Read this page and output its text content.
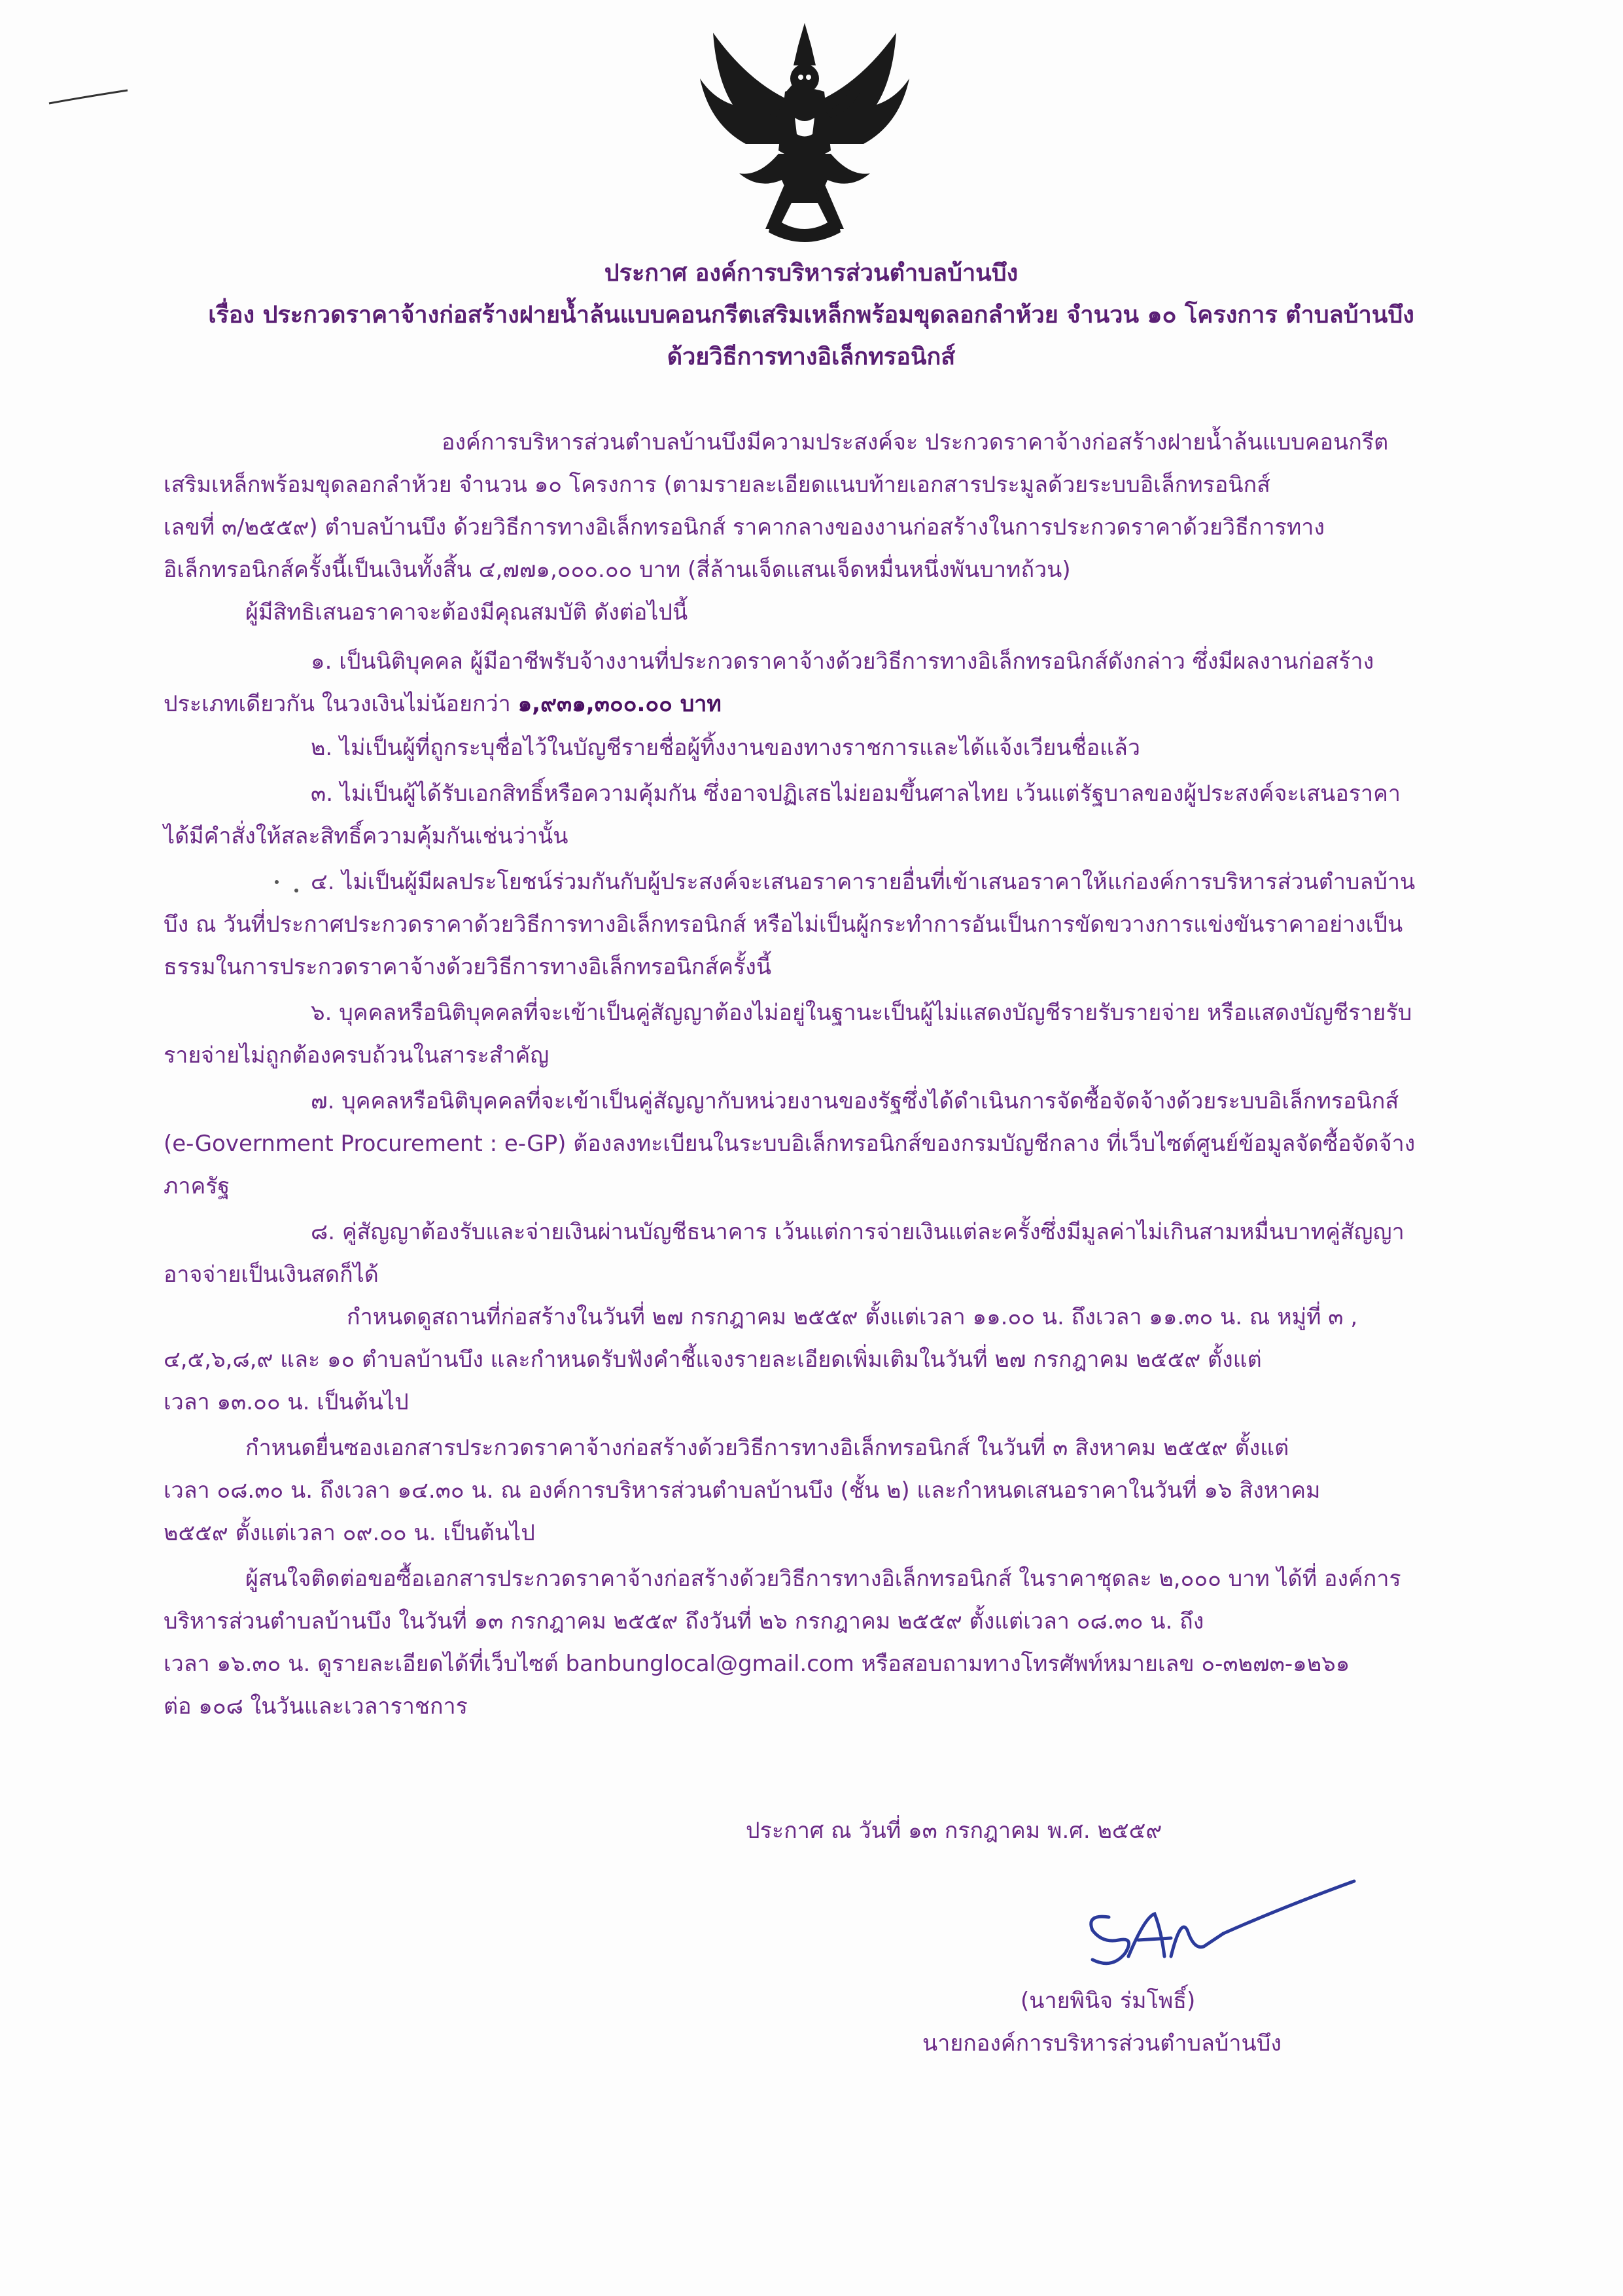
ประกาศ องค์การบริหารส่วนตำบลบ้านบึง
เรื่อง ประกวดราคาจ้างก่อสร้างฝายน้ำล้นแบบคอนกรีตเสริมเหล็กพร้อมขุดลอกลำห้วย จำนวน ๑๐ โครงการ ตำบลบ้านบึง
ด้วยวิธีการทางอิเล็กทรอนิกส์
องค์การบริหารส่วนตำบลบ้านบึงมีความประสงค์จะ ประกวดราคาจ้างก่อสร้างฝายน้ำล้นแบบคอนกรีต
เสริมเหล็กพร้อมขุดลอกลำห้วย จำนวน ๑๐ โครงการ (ตามรายละเอียดแนบท้ายเอกสารประมูลด้วยระบบอิเล็กทรอนิกส์
เลขที่ ๓/๒๕๕๙) ตำบลบ้านบึง ด้วยวิธีการทางอิเล็กทรอนิกส์ ราคากลางของงานก่อสร้างในการประกวดราคาด้วยวิธีการทาง
อิเล็กทรอนิกส์ครั้งนี้เป็นเงินทั้งสิ้น ๔,๗๗๑,๐๐๐.๐๐ บาท (สี่ล้านเจ็ดแสนเจ็ดหมื่นหนึ่งพันบาทถ้วน)
ผู้มีสิทธิเสนอราคาจะต้องมีคุณสมบัติ ดังต่อไปนี้
๑. เป็นนิติบุคคล ผู้มีอาชีพรับจ้างงานที่ประกวดราคาจ้างด้วยวิธีการทางอิเล็กทรอนิกส์ดังกล่าว ซึ่งมีผลงานก่อสร้าง
ประเภทเดียวกัน ในวงเงินไม่น้อยกว่า ๑,๙๓๑,๓๐๐.๐๐ บาท
๒. ไม่เป็นผู้ที่ถูกระบุชื่อไว้ในบัญชีรายชื่อผู้ทิ้งงานของทางราชการและได้แจ้งเวียนชื่อแล้ว
๓. ไม่เป็นผู้ได้รับเอกสิทธิ์หรือความคุ้มกัน ซึ่งอาจปฏิเสธไม่ยอมขึ้นศาลไทย เว้นแต่รัฐบาลของผู้ประสงค์จะเสนอราคา
ได้มีคำสั่งให้สละสิทธิ์ความคุ้มกันเช่นว่านั้น
๔. ไม่เป็นผู้มีผลประโยชน์ร่วมกันกับผู้ประสงค์จะเสนอราคารายอื่นที่เข้าเสนอราคาให้แก่องค์การบริหารส่วนตำบลบ้าน
บึง ณ วันที่ประกาศประกวดราคาด้วยวิธีการทางอิเล็กทรอนิกส์ หรือไม่เป็นผู้กระทำการอันเป็นการขัดขวางการแข่งขันราคาอย่างเป็น
ธรรมในการประกวดราคาจ้างด้วยวิธีการทางอิเล็กทรอนิกส์ครั้งนี้
๖. บุคคลหรือนิติบุคคลที่จะเข้าเป็นคู่สัญญาต้องไม่อยู่ในฐานะเป็นผู้ไม่แสดงบัญชีรายรับรายจ่าย หรือแสดงบัญชีรายรับ
รายจ่ายไม่ถูกต้องครบถ้วนในสาระสำคัญ
๗. บุคคลหรือนิติบุคคลที่จะเข้าเป็นคู่สัญญากับหน่วยงานของรัฐซึ่งได้ดำเนินการจัดซื้อจัดจ้างด้วยระบบอิเล็กทรอนิกส์
(e-Government Procurement : e-GP) ต้องลงทะเบียนในระบบอิเล็กทรอนิกส์ของกรมบัญชีกลาง ที่เว็บไซต์ศูนย์ข้อมูลจัดซื้อจัดจ้าง
ภาครัฐ
๘. คู่สัญญาต้องรับและจ่ายเงินผ่านบัญชีธนาคาร เว้นแต่การจ่ายเงินแต่ละครั้งซึ่งมีมูลค่าไม่เกินสามหมื่นบาทคู่สัญญา
อาจจ่ายเป็นเงินสดก็ได้
กำหนดดูสถานที่ก่อสร้างในวันที่ ๒๗ กรกฎาคม ๒๕๕๙ ตั้งแต่เวลา ๑๑.๐๐ น. ถึงเวลา ๑๑.๓๐ น. ณ หมู่ที่ ๓ ,
๔,๕,๖,๘,๙ และ ๑๐ ตำบลบ้านบึง และกำหนดรับฟังคำชี้แจงรายละเอียดเพิ่มเติมในวันที่ ๒๗ กรกฎาคม ๒๕๕๙ ตั้งแต่
เวลา ๑๓.๐๐ น. เป็นต้นไป
กำหนดยื่นซองเอกสารประกวดราคาจ้างก่อสร้างด้วยวิธีการทางอิเล็กทรอนิกส์ ในวันที่ ๓ สิงหาคม ๒๕๕๙ ตั้งแต่
เวลา ๐๘.๓๐ น. ถึงเวลา ๑๔.๓๐ น. ณ องค์การบริหารส่วนตำบลบ้านบึง (ชั้น ๒) และกำหนดเสนอราคาในวันที่ ๑๖ สิงหาคม
๒๕๕๙ ตั้งแต่เวลา ๐๙.๐๐ น. เป็นต้นไป
ผู้สนใจติดต่อขอซื้อเอกสารประกวดราคาจ้างก่อสร้างด้วยวิธีการทางอิเล็กทรอนิกส์ ในราคาชุดละ ๒,๐๐๐ บาท ได้ที่ องค์การ
บริหารส่วนตำบลบ้านบึง ในวันที่ ๑๓ กรกฎาคม ๒๕๕๙ ถึงวันที่ ๒๖ กรกฎาคม ๒๕๕๙ ตั้งแต่เวลา ๐๘.๓๐ น. ถึง
เวลา ๑๖.๓๐ น. ดูรายละเอียดได้ที่เว็บไซต์ banbunglocal@gmail.com หรือสอบถามทางโทรศัพท์หมายเลข ๐-๓๒๗๓-๑๒๖๑
ต่อ ๑๐๘ ในวันและเวลาราชการ
ประกาศ ณ วันที่ ๑๓ กรกฎาคม พ.ศ. ๒๕๕๙
(นายพินิจ ร่มโพธิ์)
นายกองค์การบริหารส่วนตำบลบ้านบึง
